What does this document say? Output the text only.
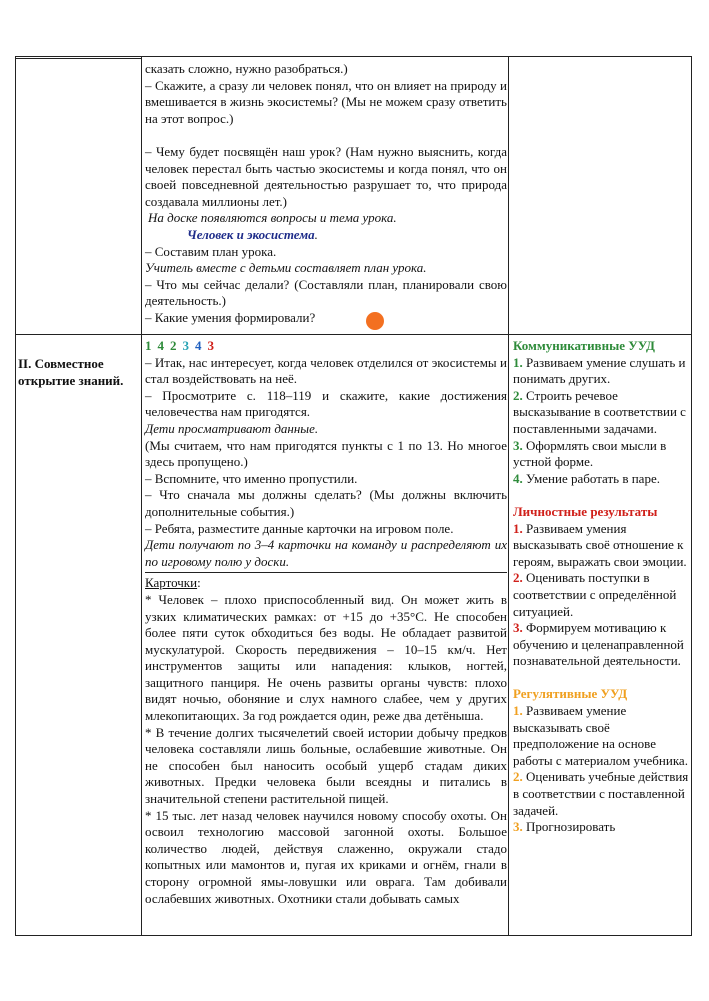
сказать сложно, нужно разобраться.)

– Скажите, а сразу ли человек понял, что он влияет на природу и вмешивается в жизнь экосистемы? (Мы не можем сразу ответить на этот вопрос.)

– Чему будет посвящён наш урок? (Нам нужно выяснить, когда человек перестал быть частью экосистемы и когда понял, что он своей повседневной деятельностью разрушает то, что природа создавала миллионы лет.)

На доске появляются вопросы и тема урока.

Человек и экосистема.

– Составим план урока.

Учитель вместе с детьми составляет план урока.

– Что мы сейчас делали? (Составляли план, планировали свою деятельность.)

– Какие умения формировали?

II. Совместное открытие знаний.

1 4 2 3 4 3

– Итак, нас интересует, когда человек отделился от экосистемы и стал воздействовать на неё.

– Просмотрите с. 118–119 и скажите, какие достижения человечества нам пригодятся.

Дети просматривают данные.

(Мы считаем, что нам пригодятся пункты с 1 по 13. Но многое здесь пропущено.)

– Вспомните, что именно пропустили.

– Что сначала мы должны сделать? (Мы должны включить дополнительные события.)

– Ребята, разместите данные карточки на игровом поле.

Дети получают по 3–4 карточки на команду и распределяют их по игровому полю у доски.

Карточки:

* Человек – плохо приспособленный вид. Он может жить в узких климатических рамках: от +15 до +35°С. Не способен более пяти суток обходиться без воды. Не обладает развитой мускулатурой. Скорость передвижения – 10–15 км/ч. Нет инструментов защиты или нападения: клыков, ногтей, защитного панциря. Не очень развиты органы чувств: плохо видят ночью, обоняние и слух намного слабее, чем у других млекопитающих. За год рождается один, реже два детёныша.

* В течение долгих тысячелетий своей истории добычу предков человека составляли лишь больные, ослабевшие животные. Он не способен был наносить особый ущерб стадам диких животных. Предки человека были всеядны и питались в значительной степени растительной пищей.

* 15 тыс. лет назад человек научился новому способу охоты. Он освоил технологию массовой загонной охоты. Большое количество людей, действуя слаженно, окружали стадо копытных или мамонтов и, пугая их криками и огнём, гнали в сторону огромной ямы-ловушки или оврага. Там добивали ослабевших животных. Охотники стали добывать самых

Коммуникативные УУД

1. Развиваем умение слушать и понимать других.

2. Строить речевое высказывание в соответствии с поставленными задачами.

3. Оформлять свои мысли в устной форме.

4. Умение работать в паре.

Личностные результаты

1. Развиваем умения высказывать своё отношение к героям, выражать свои эмоции.

2. Оценивать поступки в соответствии с определённой ситуацией.

3. Формируем мотивацию к обучению и целенаправленной познавательной деятельности.

Регулятивные УУД

1. Развиваем умение высказывать своё предположение на основе работы с материалом учебника.

2. Оценивать учебные действия в соответствии с поставленной задачей.

3. Прогнозировать
